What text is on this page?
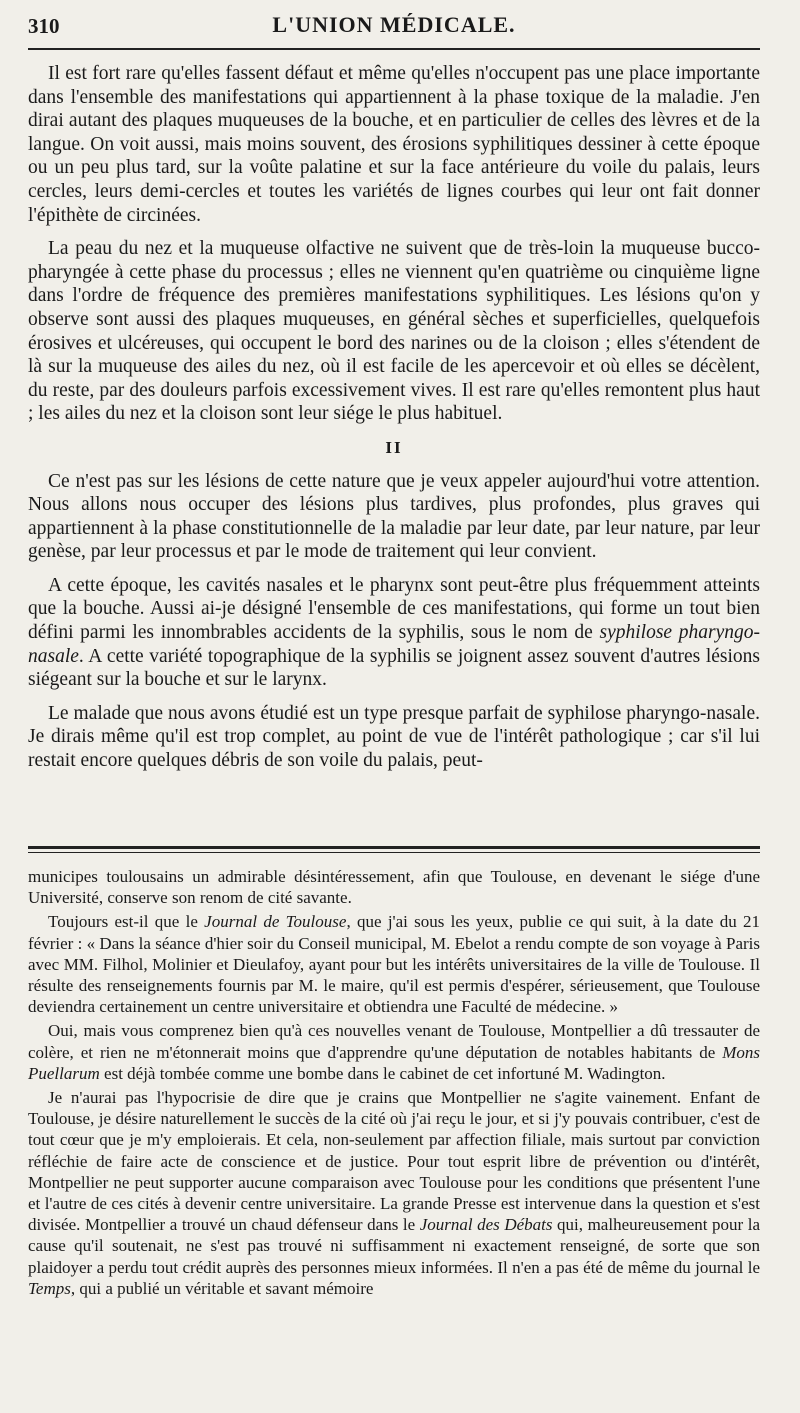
310	L'UNION MÉDICALE.

Il est fort rare qu'elles fassent défaut et même qu'elles n'occupent pas une place importante dans l'ensemble des manifestations qui appartiennent à la phase toxique de la maladie. J'en dirai autant des plaques muqueuses de la bouche, et en particulier de celles des lèvres et de la langue. On voit aussi, mais moins souvent, des érosions syphilitiques dessiner à cette époque ou un peu plus tard, sur la voûte palatine et sur la face antérieure du voile du palais, leurs cercles, leurs demi-cercles et toutes les variétés de lignes courbes qui leur ont fait donner l'épithète de circinées.

La peau du nez et la muqueuse olfactive ne suivent que de très-loin la muqueuse bucco-pharyngée à cette phase du processus ; elles ne viennent qu'en quatrième ou cinquième ligne dans l'ordre de fréquence des premières manifestations syphilitiques. Les lésions qu'on y observe sont aussi des plaques muqueuses, en général sèches et superficielles, quelquefois érosives et ulcéreuses, qui occupent le bord des narines ou de la cloison ; elles s'étendent de là sur la muqueuse des ailes du nez, où il est facile de les apercevoir et où elles se décèlent, du reste, par des douleurs parfois excessivement vives. Il est rare qu'elles remontent plus haut ; les ailes du nez et la cloison sont leur siége le plus habituel.

II

Ce n'est pas sur les lésions de cette nature que je veux appeler aujourd'hui votre attention. Nous allons nous occuper des lésions plus tardives, plus profondes, plus graves qui appartiennent à la phase constitutionnelle de la maladie par leur date, par leur nature, par leur genèse, par leur processus et par le mode de traitement qui leur convient.

A cette époque, les cavités nasales et le pharynx sont peut-être plus fréquemment atteints que la bouche. Aussi ai-je désigné l'ensemble de ces manifestations, qui forme un tout bien défini parmi les innombrables accidents de la syphilis, sous le nom de syphilose pharyngo-nasale. A cette variété topographique de la syphilis se joignent assez souvent d'autres lésions siégeant sur la bouche et sur le larynx.

Le malade que nous avons étudié est un type presque parfait de syphilose pharyngo-nasale. Je dirais même qu'il est trop complet, au point de vue de l'intérêt pathologique ; car s'il lui restait encore quelques débris de son voile du palais, peut-

municipes toulousains un admirable désintéressement, afin que Toulouse, en devenant le siége d'une Université, conserve son renom de cité savante.

Toujours est-il que le Journal de Toulouse, que j'ai sous les yeux, publie ce qui suit, à la date du 21 février : « Dans la séance d'hier soir du Conseil municipal, M. Ebelot a rendu compte de son voyage à Paris avec MM. Filhol, Molinier et Dieulafoy, ayant pour but les intérêts universitaires de la ville de Toulouse. Il résulte des renseignements fournis par M. le maire, qu'il est permis d'espérer, sérieusement, que Toulouse deviendra certainement un centre universitaire et obtiendra une Faculté de médecine. »

Oui, mais vous comprenez bien qu'à ces nouvelles venant de Toulouse, Montpellier a dû tressauter de colère, et rien ne m'étonnerait moins que d'apprendre qu'une députation de notables habitants de Mons Puellarum est déjà tombée comme une bombe dans le cabinet de cet infortuné M. Wadington.

Je n'aurai pas l'hypocrisie de dire que je crains que Montpellier ne s'agite vainement. Enfant de Toulouse, je désire naturellement le succès de la cité où j'ai reçu le jour, et si j'y pouvais contribuer, c'est de tout cœur que je m'y emploierais. Et cela, non-seulement par affection filiale, mais surtout par conviction réfléchie de faire acte de conscience et de justice. Pour tout esprit libre de prévention ou d'intérêt, Montpellier ne peut supporter aucune comparaison avec Toulouse pour les conditions que présentent l'une et l'autre de ces cités à devenir centre universitaire. La grande Presse est intervenue dans la question et s'est divisée. Montpellier a trouvé un chaud défenseur dans le Journal des Débats qui, malheureusement pour la cause qu'il soutenait, ne s'est pas trouvé ni suffisamment ni exactement renseigné, de sorte que son plaidoyer a perdu tout crédit auprès des personnes mieux informées. Il n'en a pas été de même du journal le Temps, qui a publié un véritable et savant mémoire
